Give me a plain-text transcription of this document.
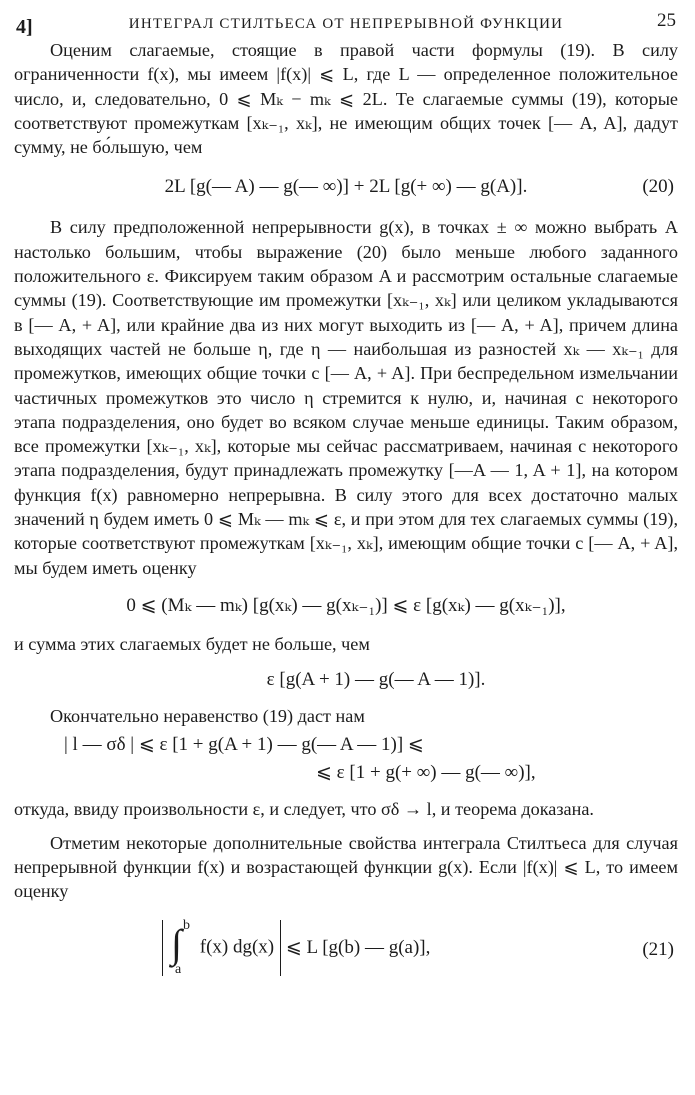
4]	ИНТЕГРАЛ СТИЛТЬЕСА ОТ НЕПРЕРЫВНОЙ ФУНКЦИИ	25

Оценим слагаемые, стоящие в правой части формулы (19). В силу ограниченности f(x), мы имеем |f(x)| ⩽ L, где L — определенное положительное число, и, следовательно, 0 ⩽ Mₖ − mₖ ⩽ 2L. Те слагаемые суммы (19), которые соответствуют промежуткам [xₖ₋₁, xₖ], не имеющим общих точек [— A, A], дадут сумму, не бо́льшую, чем

2L [g(— A) — g(— ∞)] + 2L [g(+ ∞) — g(A)].	(20)

В силу предположенной непрерывности g(x), в точках ± ∞ можно выбрать A настолько большим, чтобы выражение (20) было меньше любого заданного положительного ε. Фиксируем таким образом A и рассмотрим остальные слагаемые суммы (19). Соответствующие им промежутки [xₖ₋₁, xₖ] или целиком укладываются в [— A, + A], или крайние два из них могут выходить из [— A, + A], причем длина выходящих частей не больше η, где η — наибольшая из разностей xₖ — xₖ₋₁ для промежутков, имеющих общие точки с [— A, + A]. При беспредельном измельчании частичных промежутков это число η стремится к нулю, и, начиная с некоторого этапа подразделения, оно будет во всяком случае меньше единицы. Таким образом, все промежутки [xₖ₋₁, xₖ], которые мы сейчас рассматриваем, начиная с некоторого этапа подразделения, будут принадлежать промежутку [—A — 1, A + 1], на котором функция f(x) равномерно непрерывна. В силу этого для всех достаточно малых значений η будем иметь 0 ⩽ Mₖ — mₖ ⩽ ε, и при этом для тех слагаемых суммы (19), которые соответствуют промежуткам [xₖ₋₁, xₖ], имеющим общие точки с [— A, + A], мы будем иметь оценку

0 ⩽ (Mₖ — mₖ) [g(xₖ) — g(xₖ₋₁)] ⩽ ε [g(xₖ) — g(xₖ₋₁)],

и сумма этих слагаемых будет не больше, чем

ε [g(A + 1) — g(— A — 1)].

Окончательно неравенство (19) даст нам

| l — σδ | ⩽ ε [1 + g(A + 1) — g(— A — 1)] ⩽
⩽ ε [1 + g(+ ∞) — g(— ∞)],

откуда, ввиду произвольности ε, и следует, что σδ → l, и теорема доказана.

Отметим некоторые дополнительные свойства интеграла Стилтьеса для случая непрерывной функции f(x) и возрастающей функции g(x). Если |f(x)| ⩽ L, то имеем оценку

b
∫
a
f(x) dg(x) ⩽ L [g(b) — g(a)],	(21)
